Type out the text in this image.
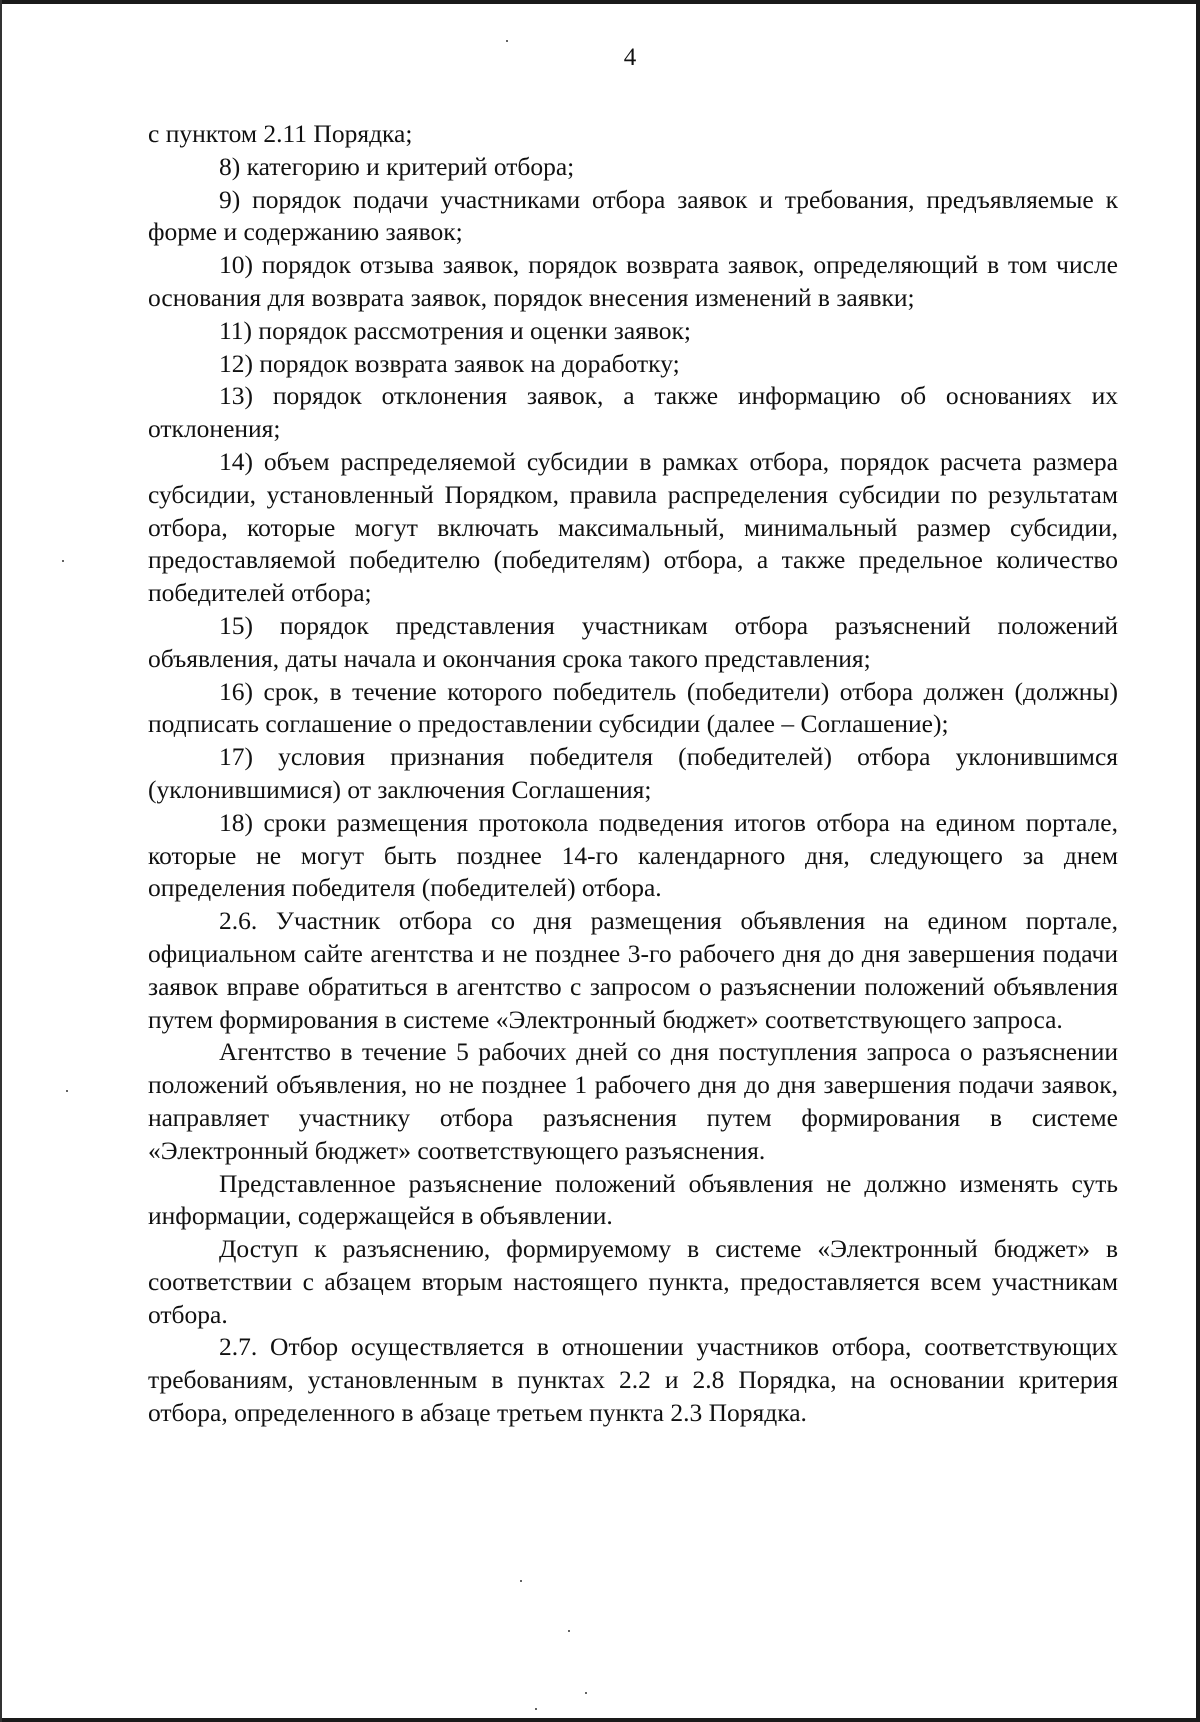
4

с пунктом 2.11 Порядка;

8) категорию и критерий отбора;

9) порядок подачи участниками отбора заявок и требования, предъявляемые к форме и содержанию заявок;

10) порядок отзыва заявок, порядок возврата заявок, определяющий в том числе основания для возврата заявок, порядок внесения изменений в заявки;

11) порядок рассмотрения и оценки заявок;

12) порядок возврата заявок на доработку;

13) порядок отклонения заявок, а также информацию об основаниях их отклонения;

14) объем распределяемой субсидии в рамках отбора, порядок расчета размера субсидии, установленный Порядком, правила распределения субсидии по результатам отбора, которые могут включать максимальный, минимальный размер субсидии, предоставляемой победителю (победителям) отбора, а также предельное количество победителей отбора;

15) порядок представления участникам отбора разъяснений положений объявления, даты начала и окончания срока такого представления;

16) срок, в течение которого победитель (победители) отбора должен (должны) подписать соглашение о предоставлении субсидии (далее – Соглашение);

17) условия признания победителя (победителей) отбора уклонившимся (уклонившимися) от заключения Соглашения;

18) сроки размещения протокола подведения итогов отбора на едином портале, которые не могут быть позднее 14-го календарного дня, следующего за днем определения победителя (победителей) отбора.

2.6. Участник отбора со дня размещения объявления на едином портале, официальном сайте агентства и не позднее 3-го рабочего дня до дня завершения подачи заявок вправе обратиться в агентство с запросом о разъяснении положений объявления путем формирования в системе «Электронный бюджет» соответствующего запроса.

Агентство в течение 5 рабочих дней со дня поступления запроса о разъяснении положений объявления, но не позднее 1 рабочего дня до дня завершения подачи заявок, направляет участнику отбора разъяснения путем формирования в системе «Электронный бюджет» соответствующего разъяснения.

Представленное разъяснение положений объявления не должно изменять суть информации, содержащейся в объявлении.

Доступ к разъяснению, формируемому в системе «Электронный бюджет» в соответствии с абзацем вторым настоящего пункта, предоставляется всем участникам отбора.

2.7. Отбор осуществляется в отношении участников отбора, соответствующих требованиям, установленным в пунктах 2.2 и 2.8 Порядка, на основании критерия отбора, определенного в абзаце третьем пункта 2.3 Порядка.
